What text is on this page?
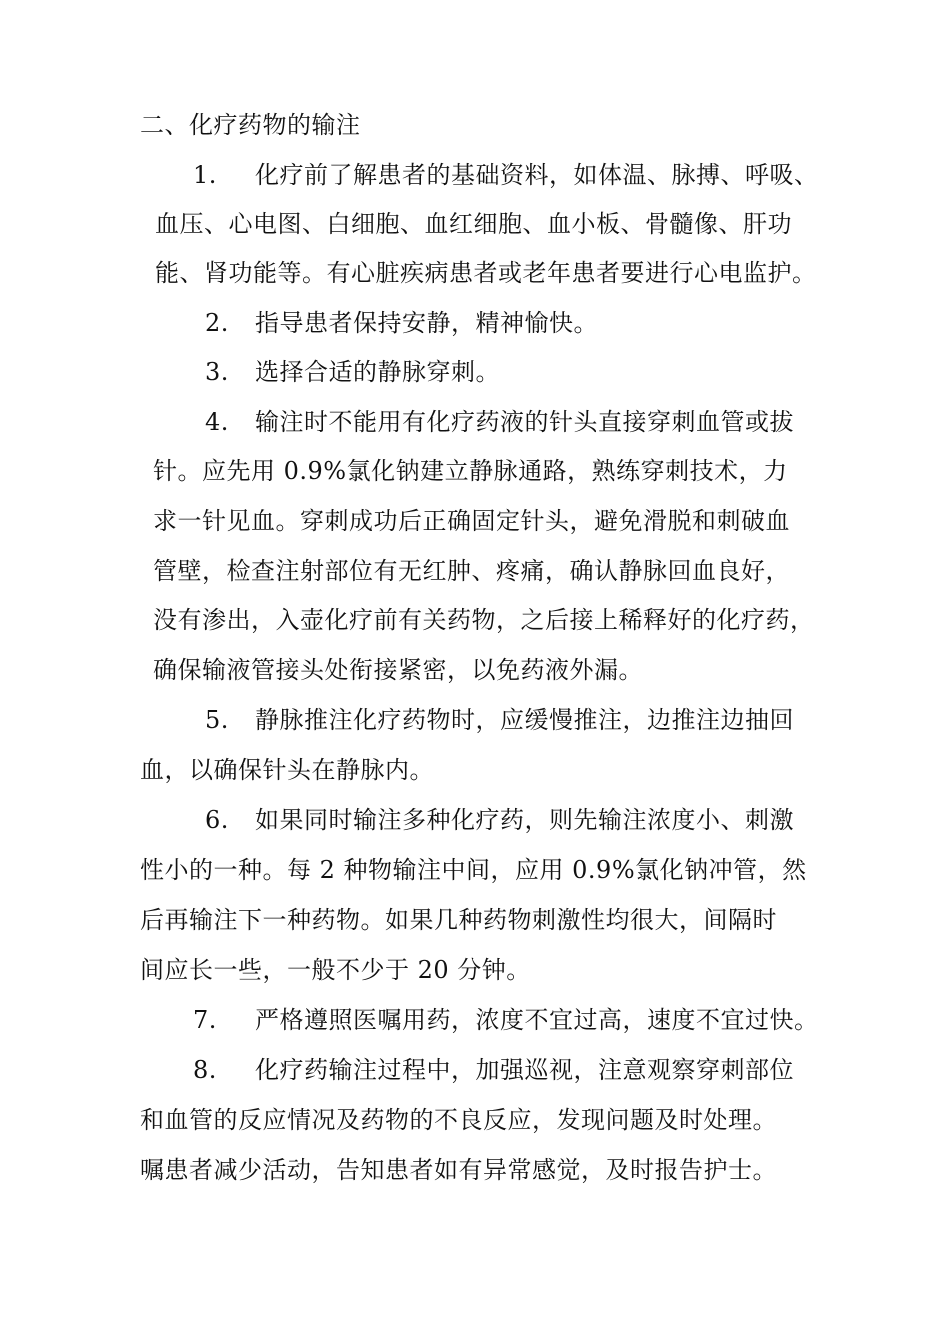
二、化疗药物的输注
1. 化疗前了解患者的基础资料，如体温、脉搏、呼吸、
血压、心电图、白细胞、血红细胞、血小板、骨髓像、肝功
能、肾功能等。有心脏疾病患者或老年患者要进行心电监护。
2. 指导患者保持安静，精神愉快。
3. 选择合适的静脉穿刺。
4. 输注时不能用有化疗药液的针头直接穿刺血管或拔
针。应先用 0.9%氯化钠建立静脉通路，熟练穿刺技术，力
求一针见血。穿刺成功后正确固定针头，避免滑脱和刺破血
管壁，检查注射部位有无红肿、疼痛，确认静脉回血良好，
没有渗出，入壶化疗前有关药物，之后接上稀释好的化疗药，
确保输液管接头处衔接紧密，以免药液外漏。
5. 静脉推注化疗药物时，应缓慢推注，边推注边抽回
血，以确保针头在静脉内。
6. 如果同时输注多种化疗药，则先输注浓度小、刺激
性小的一种。每 2 种物输注中间，应用 0.9%氯化钠冲管，然
后再输注下一种药物。如果几种药物刺激性均很大，间隔时
间应长一些，一般不少于 20 分钟。
7. 严格遵照医嘱用药，浓度不宜过高，速度不宜过快。
8. 化疗药输注过程中，加强巡视，注意观察穿刺部位
和血管的反应情况及药物的不良反应，发现问题及时处理。
嘱患者减少活动，告知患者如有异常感觉，及时报告护士。
